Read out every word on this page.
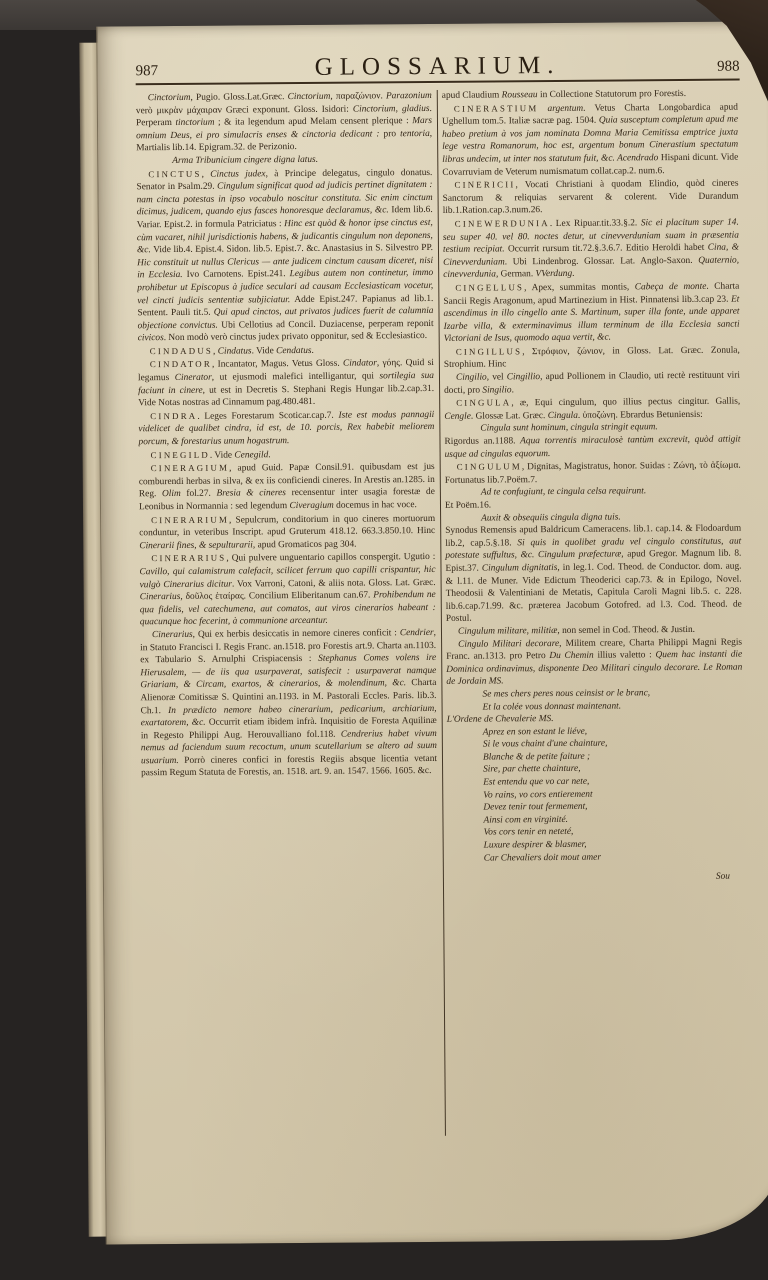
987	GLOSSARIUM.	988

Cinctorium, Pugio. Gloss.Lat.Græc. Cinctorium, παραζώνιον. Parazonium verò μικρὰν μάχαιραν Græci exponunt. Gloss. Isidori: Cinctorium, gladius. Perperam tinctorium ; & ita legendum apud Melam censent plerique : Mars omnium Deus, ei pro simulacris enses & cinctoria dedicant : pro tentoria, Martialis lib.14. Epigram.32. de Perizonio.

Arma Tribunicium cingere digna latus.

CINCTUS, Cinctus judex, à Principe delegatus, cingulo donatus. Senator in Psalm.29. Cingulum significat quod ad judicis pertinet dignitatem : nam cincta potestas in ipso vocabulo noscitur constituta. Sic enim cinctum dicimus, judicem, quando ejus fasces honoresque declaramus, &c. Idem lib.6. Variar. Epist.2. in formula Patriciatus : Hinc est quòd & honor ipse cinctus est, cùm vacaret, nihil jurisdictionis habens, & judicantis cingulum non deponens, &c. Vide lib.4. Epist.4. Sidon. lib.5. Epist.7. &c. Anastasius in S. Silvestro PP. Hic constituit ut nullus Clericus — ante judicem cinctum causam diceret, nisi in Ecclesia. Ivo Carnotens. Epist.241. Legibus autem non continetur, immo prohibetur ut Episcopus à judice seculari ad causam Ecclesiasticam vocetur, vel cincti judicis sententiæ subjiciatur. Adde Epist.247. Papianus ad lib.1. Sentent. Pauli tit.5. Qui apud cinctos, aut privatos judices fuerit de calumnia objectione convictus. Ubi Cellotius ad Concil. Duziacense, perperam reponit civicos. Non modò verò cinctus judex privato opponitur, sed & Ecclesiastico.

CINDADUS, Cindatus. Vide Cendatus.

CINDATOR, Incantator, Magus. Vetus Gloss. Cindator, γόης. Quid si legamus Cinerator, ut ejusmodi malefici intelligantur, qui sortilegia sua faciunt in cinere, ut est in Decretis S. Stephani Regis Hungar lib.2.cap.31. Vide Notas nostras ad Cinnamum pag.480.481.

CINDRA. Leges Forestarum Scoticar.cap.7. Iste est modus pannagii videlicet de qualibet cindra, id est, de 10. porcis, Rex habebit meliorem porcum, & forestarius unum hogastrum.

CINEGILD. Vide Cenegild.

CINERAGIUM, apud Guid. Papæ Consil.91. quibusdam est jus comburendi herbas in silva, & ex iis conficiendi cineres. In Arestis an.1285. in Reg. Olim fol.27. Bresia & cineres recensentur inter usagia forestæ de Leonibus in Normannia : sed legendum Civeragium docemus in hac voce.

CINERARIUM, Sepulcrum, conditorium in quo cineres mortuorum conduntur, in veteribus Inscript. apud Gruterum 418.12. 663.3.850.10. Hinc Cinerarii fines, & sepulturarii, apud Gromaticos pag 304.

CINERARIUS, Qui pulvere unguentario capillos conspergit. Ugutio : Cavillo, qui calamistrum calefacit, scilicet ferrum quo capilli crispantur, hic vulgò Cinerarius dicitur. Vox Varroni, Catoni, & aliis nota. Gloss. Lat. Græc. Cinerarius, δοῦλος ἑταίρας. Concilium Eliberitanum can.67. Prohibendum ne qua fidelis, vel catechumena, aut comatos, aut viros cinerarios habeant : quacunque hoc fecerint, à communione arceantur.

Cinerarius, Qui ex herbis desiccatis in nemore cineres conficit : Cendrier, in Statuto Francisci I. Regis Franc. an.1518. pro Forestis art.9. Charta an.1103. ex Tabulario S. Arnulphi Crispiacensis : Stephanus Comes volens ire Hierusalem, — de iis qua usurpaverat, satisfecit : usurpaverat namque Griariam, & Circam, exartos, & cinerarios, & molendinum, &c. Charta Alienoræ Comitissæ S. Quintini an.1193. in M. Pastorali Eccles. Paris. lib.3. Ch.1. In prædicto nemore habeo cinerarium, pedicarium, archiarium, exartatorem, &c. Occurrit etiam ibidem infrà. Inquisitio de Foresta Aquilinæ in Regesto Philippi Aug. Herouvalliano fol.118. Cendrerius habet vivum nemus ad faciendum suum recoctum, unum scutellarium se altero ad suum usuarium. Porrò cineres confici in forestis Regiis absque licentia vetant passim Regum Statuta de Forestis, an. 1518. art. 9. an. 1547. 1566. 1605. &c.

apud Claudium Rousseau in Collectione Statutorum pro Forestis.

CINERASTIUM argentum. Vetus Charta Longobardica apud Ughellum tom.5. Italiæ sacræ pag. 1504. Quia susceptum completum apud me habeo pretium à vos jam nominata Domna Maria Cemitissa emptrice juxta lege vestra Romanorum, hoc est, argentum bonum Cinerastium spectatum libras undecim, ut inter nos statutum fuit, &c. Acendrado Hispani dicunt. Vide Covarruviam de Veterum numismatum collat.cap.2. num.6.

CINERICII, Vocati Christiani à quodam Elindio, quòd cineres Sanctorum & reliquias servarent & colerent. Vide Durandum lib.1.Ration.cap.3.num.26.

CINEWERDUNIA. Lex Ripuar.tit.33.§.2. Sic ei placitum super 14. seu super 40. vel 80. noctes detur, ut cinevverduniam suam in præsentia testium recipiat. Occurrit rursum tit.72.§.3.6.7. Editio Heroldi habet Cina, & Cinevverduniam. Ubi Lindenbrog. Glossar. Lat. Anglo-Saxon. Quaternio, cinevverdunia, German. VVerdung.

CINGELLUS, Apex, summitas montis, Cabeça de monte. Charta Sancii Regis Aragonum, apud Martinezium in Hist. Pinnatensi lib.3.cap 23. Et ascendimus in illo cingello ante S. Martinum, super illa fonte, unde apparet Izarbe villa, & exterminavimus illum terminum de illa Ecclesia sancti Victoriani de Isus, quomodo aqua vertit, &c.

CINGILLUS, Στρόφιον, ζώνιον, in Gloss. Lat. Græc. Zonula, Strophium. Hinc

Cingilio, vel Cingillio, apud Pollionem in Claudio, uti rectè restituunt viri docti, pro Singilio.

CINGULA, æ, Equi cingulum, quo illius pectus cingitur. Gallis, Cengle. Glossæ Lat. Græc. Cingula. ὑποζώνη. Ebrardus Betuniensis:

Cingula sunt hominum, cingula stringit equum.

Rigordus an.1188. Aqua torrentis miraculosè tantùm excrevit, quòd attigit usque ad cingulas equorum.

CINGULUM, Dignitas, Magistratus, honor. Suidas : Ζώνη, τὸ ἀξίωμα. Fortunatus lib.7.Poëm.7.

Ad te confugiunt, te cingula celsa requirunt.

Et Poëm.16.

Auxit & obsequiis cingula digna tuis.

Synodus Remensis apud Baldricum Cameracens. lib.1. cap.14. & Flodoardum lib.2, cap.5.§.18. Si quis in quolibet gradu vel cingulo constitutus, aut potestate suffultus, &c. Cingulum præfecturæ, apud Gregor. Magnum lib. 8. Epist.37. Cingulum dignitatis, in leg.1. Cod. Theod. de Conductor. dom. aug. & l.11. de Muner. Vide Edictum Theoderici cap.73. & in Epilogo, Novel. Theodosii & Valentiniani de Metatis, Capitula Caroli Magni lib.5. c. 228. lib.6.cap.71.99. &c. præterea Jacobum Gotofred. ad l.3. Cod. Theod. de Postul.

Cingulum militare, militiæ, non semel in Cod. Theod. & Justin.

Cingulo Militari decorare, Militem creare, Charta Philippi Magni Regis Franc. an.1313. pro Petro Du Chemin illius valetto : Quem hac instanti die Dominica ordinavimus, disponente Deo Militari cingulo decorare. Le Roman de Jordain MS.

Se mes chers peres nous ceinsist or le branc,

Et la colée vous donnast maintenant.

L'Ordene de Chevalerie MS.

Aprez en son estant le liéve,

Si le vous chaint d'une chainture,

Blanche & de petite faiture ;

Sire, par chette chainture,

Est entendu que vo car nete,

Vo rains, vo cors entierement

Devez tenir tout fermement,

Ainsi com en virginité.

Vos cors tenir en neteté,

Luxure despirer & blasmer,

Car Chevaliers doit mout amer

Sou
